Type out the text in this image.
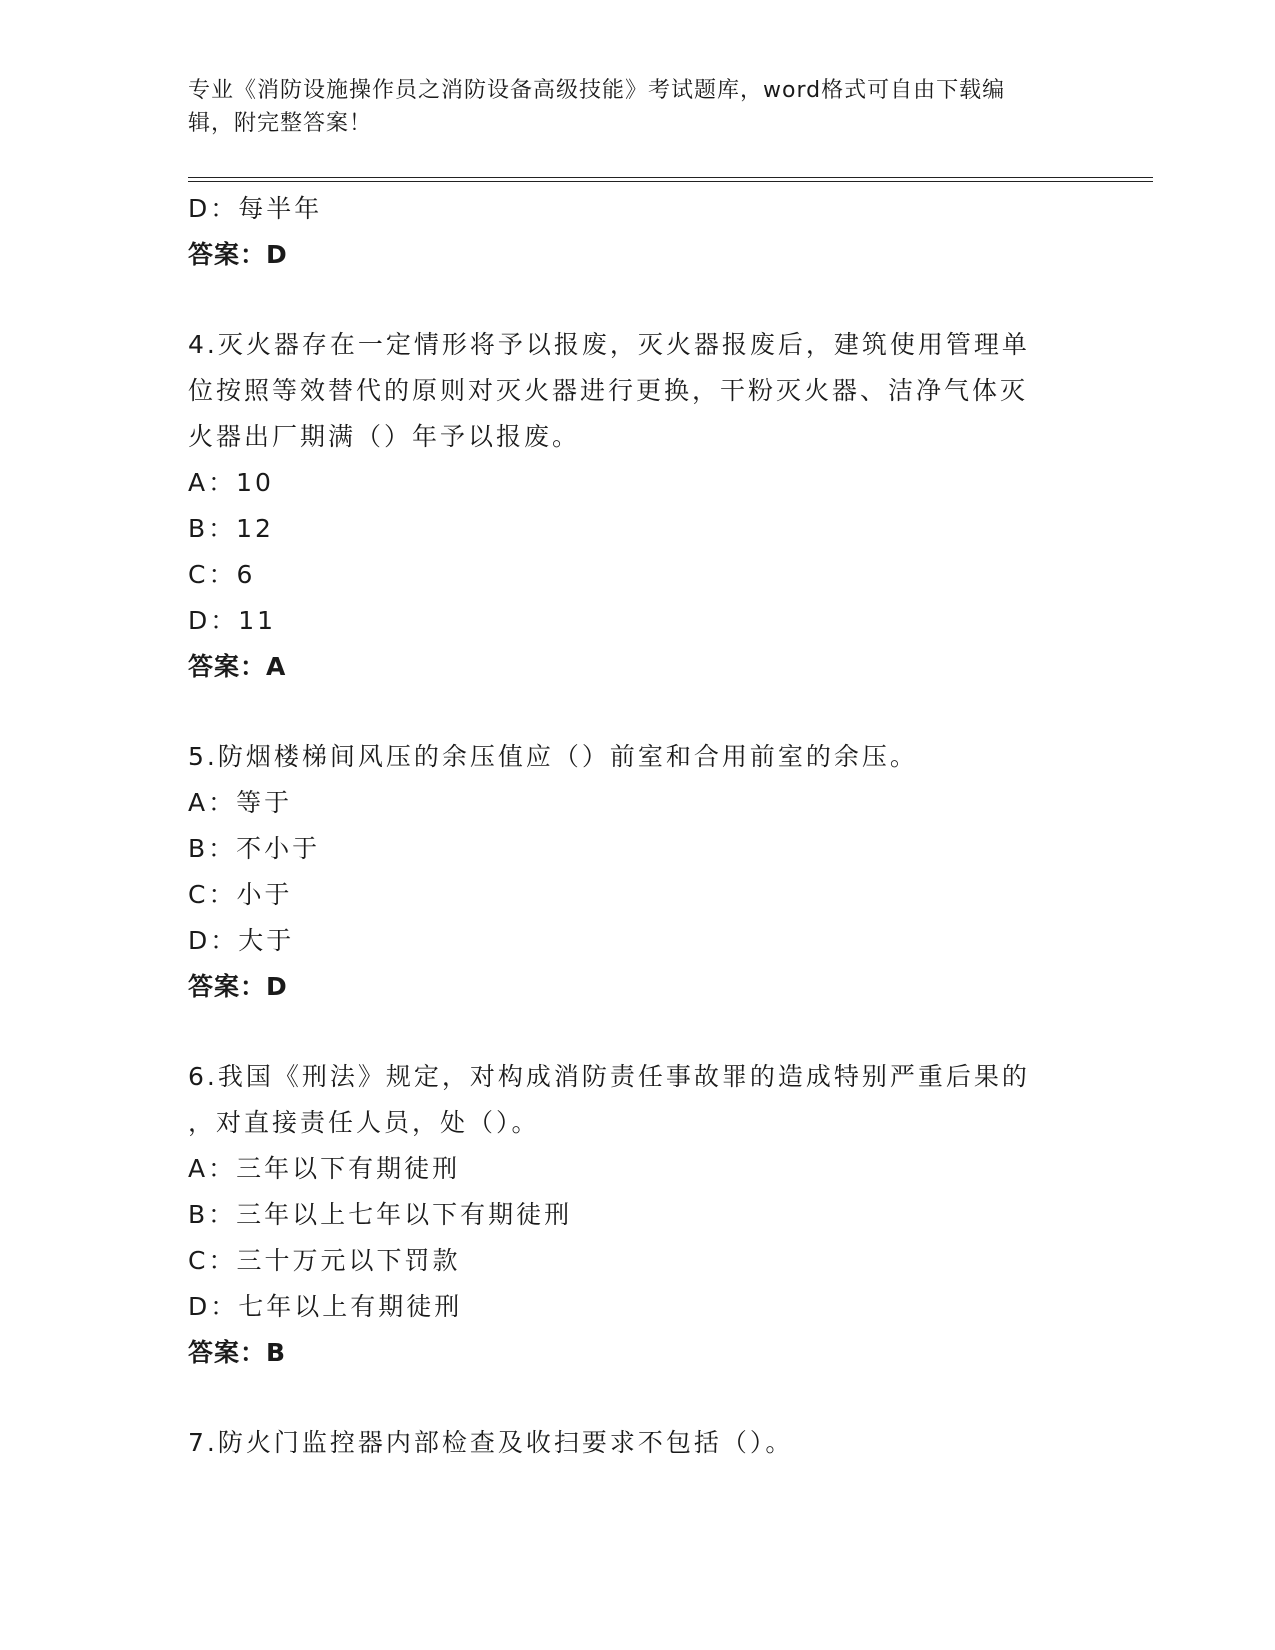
专业《消防设施操作员之消防设备高级技能》考试题库，word格式可自由下载编
辑，附完整答案！
D：每半年
答案：D
4.灭火器存在一定情形将予以报废，灭火器报废后，建筑使用管理单
位按照等效替代的原则对灭火器进行更换，干粉灭火器、洁净气体灭
火器出厂期满（）年予以报废。
A：10
B：12
C：6
D：11
答案：A
5.防烟楼梯间风压的余压值应（）前室和合用前室的余压。
A：等于
B：不小于
C：小于
D：大于
答案：D
6.我国《刑法》规定，对构成消防责任事故罪的造成特别严重后果的
，对直接责任人员，处（）。
A：三年以下有期徒刑
B：三年以上七年以下有期徒刑
C：三十万元以下罚款
D：七年以上有期徒刑
答案：B
7.防火门监控器内部检查及收扫要求不包括（）。
